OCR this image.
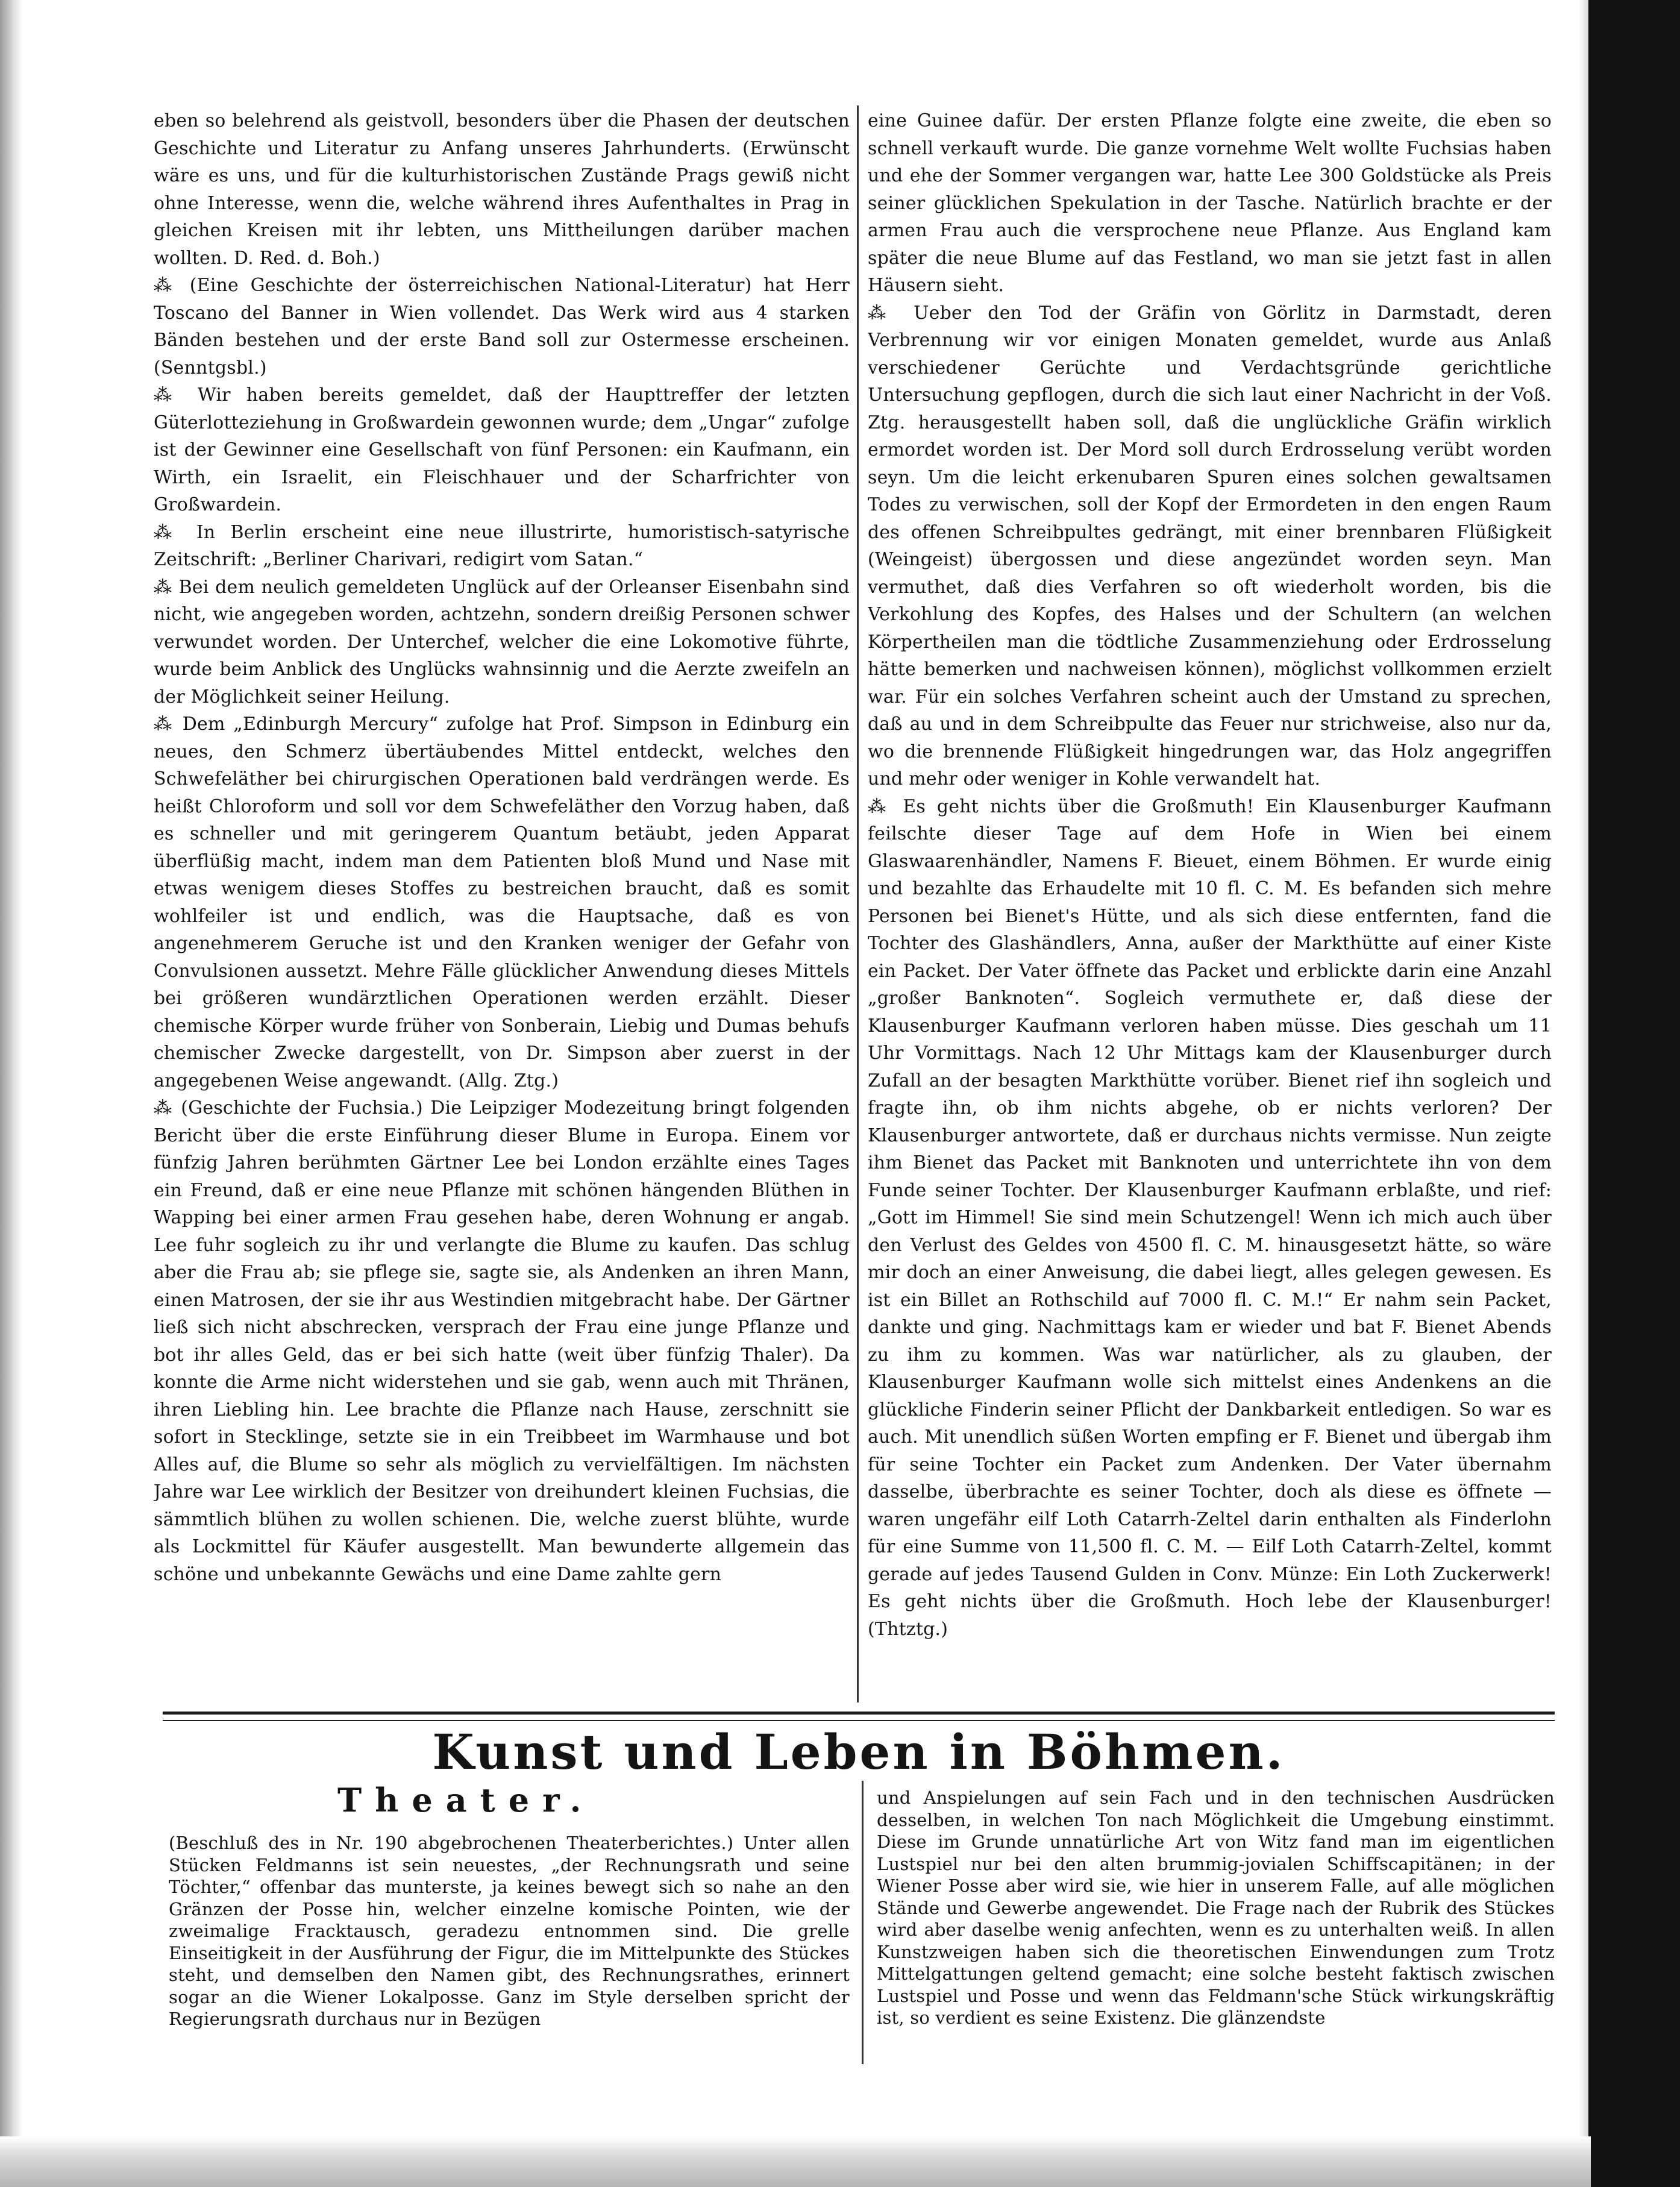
eben so belehrend als geistvoll, besonders über die Phasen der deutschen Geschichte und Literatur zu Anfang unseres Jahrhunderts. (Erwünscht wäre es uns, und für die kulturhistorischen Zustände Prags gewiß nicht ohne Interesse, wenn die, welche während ihres Aufenthaltes in Prag in gleichen Kreisen mit ihr lebten, uns Mittheilungen darüber machen wollten. D. Red. d. Boh.)

⁂ (Eine Geschichte der österreichischen National-Literatur) hat Herr Toscano del Banner in Wien vollendet. Das Werk wird aus 4 starken Bänden bestehen und der erste Band soll zur Ostermesse erscheinen. (Senntgsbl.)

⁂ Wir haben bereits gemeldet, daß der Haupttreffer der letzten Güterlotteziehung in Großwardein gewonnen wurde; dem „Ungar“ zufolge ist der Gewinner eine Gesellschaft von fünf Personen: ein Kaufmann, ein Wirth, ein Israelit, ein Fleischhauer und der Scharfrichter von Großwardein.

⁂ In Berlin erscheint eine neue illustrirte, humoristisch-satyrische Zeitschrift: „Berliner Charivari, redigirt vom Satan.“

⁂ Bei dem neulich gemeldeten Unglück auf der Orleanser Eisenbahn sind nicht, wie angegeben worden, achtzehn, sondern dreißig Personen schwer verwundet worden. Der Unterchef, welcher die eine Lokomotive führte, wurde beim Anblick des Unglücks wahnsinnig und die Aerzte zweifeln an der Möglichkeit seiner Heilung.

⁂ Dem „Edinburgh Mercury“ zufolge hat Prof. Simpson in Edinburg ein neues, den Schmerz übertäubendes Mittel entdeckt, welches den Schwefeläther bei chirurgischen Operationen bald verdrängen werde. Es heißt Chloroform und soll vor dem Schwefeläther den Vorzug haben, daß es schneller und mit geringerem Quantum betäubt, jeden Apparat überflüßig macht, indem man dem Patienten bloß Mund und Nase mit etwas wenigem dieses Stoffes zu bestreichen braucht, daß es somit wohlfeiler ist und endlich, was die Hauptsache, daß es von angenehmerem Geruche ist und den Kranken weniger der Gefahr von Convulsionen aussetzt. Mehre Fälle glücklicher Anwendung dieses Mittels bei größeren wundärztlichen Operationen werden erzählt. Dieser chemische Körper wurde früher von Sonberain, Liebig und Dumas behufs chemischer Zwecke dargestellt, von Dr. Simpson aber zuerst in der angegebenen Weise angewandt. (Allg. Ztg.)

⁂ (Geschichte der Fuchsia.) Die Leipziger Modezeitung bringt folgenden Bericht über die erste Einführung dieser Blume in Europa. Einem vor fünfzig Jahren berühmten Gärtner Lee bei London erzählte eines Tages ein Freund, daß er eine neue Pflanze mit schönen hängenden Blüthen in Wapping bei einer armen Frau gesehen habe, deren Wohnung er angab. Lee fuhr sogleich zu ihr und verlangte die Blume zu kaufen. Das schlug aber die Frau ab; sie pflege sie, sagte sie, als Andenken an ihren Mann, einen Matrosen, der sie ihr aus Westindien mitgebracht habe. Der Gärtner ließ sich nicht abschrecken, versprach der Frau eine junge Pflanze und bot ihr alles Geld, das er bei sich hatte (weit über fünfzig Thaler). Da konnte die Arme nicht widerstehen und sie gab, wenn auch mit Thränen, ihren Liebling hin. Lee brachte die Pflanze nach Hause, zerschnitt sie sofort in Stecklinge, setzte sie in ein Treibbeet im Warmhause und bot Alles auf, die Blume so sehr als möglich zu vervielfältigen. Im nächsten Jahre war Lee wirklich der Besitzer von dreihundert kleinen Fuchsias, die sämmtlich blühen zu wollen schienen. Die, welche zuerst blühte, wurde als Lockmittel für Käufer ausgestellt. Man bewunderte allgemein das schöne und unbekannte Gewächs und eine Dame zahlte gern

eine Guinee dafür. Der ersten Pflanze folgte eine zweite, die eben so schnell verkauft wurde. Die ganze vornehme Welt wollte Fuchsias haben und ehe der Sommer vergangen war, hatte Lee 300 Goldstücke als Preis seiner glücklichen Spekulation in der Tasche. Natürlich brachte er der armen Frau auch die versprochene neue Pflanze. Aus England kam später die neue Blume auf das Festland, wo man sie jetzt fast in allen Häusern sieht.

⁂ Ueber den Tod der Gräfin von Görlitz in Darmstadt, deren Verbrennung wir vor einigen Monaten gemeldet, wurde aus Anlaß verschiedener Gerüchte und Verdachtsgründe gerichtliche Untersuchung gepflogen, durch die sich laut einer Nachricht in der Voß. Ztg. herausgestellt haben soll, daß die unglückliche Gräfin wirklich ermordet worden ist. Der Mord soll durch Erdrosselung verübt worden seyn. Um die leicht erkenubaren Spuren eines solchen gewaltsamen Todes zu verwischen, soll der Kopf der Ermordeten in den engen Raum des offenen Schreibpultes gedrängt, mit einer brennbaren Flüßigkeit (Weingeist) übergossen und diese angezündet worden seyn. Man vermuthet, daß dies Verfahren so oft wiederholt worden, bis die Verkohlung des Kopfes, des Halses und der Schultern (an welchen Körpertheilen man die tödtliche Zusammenziehung oder Erdrosselung hätte bemerken und nachweisen können), möglichst vollkommen erzielt war. Für ein solches Verfahren scheint auch der Umstand zu sprechen, daß au und in dem Schreibpulte das Feuer nur strichweise, also nur da, wo die brennende Flüßigkeit hingedrungen war, das Holz angegriffen und mehr oder weniger in Kohle verwandelt hat.

⁂ Es geht nichts über die Großmuth! Ein Klausenburger Kaufmann feilschte dieser Tage auf dem Hofe in Wien bei einem Glaswaarenhändler, Namens F. Bieuet, einem Böhmen. Er wurde einig und bezahlte das Erhaudelte mit 10 fl. C. M. Es befanden sich mehre Personen bei Bienet's Hütte, und als sich diese entfernten, fand die Tochter des Glashändlers, Anna, außer der Markthütte auf einer Kiste ein Packet. Der Vater öffnete das Packet und erblickte darin eine Anzahl „großer Banknoten“. Sogleich vermuthete er, daß diese der Klausenburger Kaufmann verloren haben müsse. Dies geschah um 11 Uhr Vormittags. Nach 12 Uhr Mittags kam der Klausenburger durch Zufall an der besagten Markthütte vorüber. Bienet rief ihn sogleich und fragte ihn, ob ihm nichts abgehe, ob er nichts verloren? Der Klausenburger antwortete, daß er durchaus nichts vermisse. Nun zeigte ihm Bienet das Packet mit Banknoten und unterrichtete ihn von dem Funde seiner Tochter. Der Klausenburger Kaufmann erblaßte, und rief: „Gott im Himmel! Sie sind mein Schutzengel! Wenn ich mich auch über den Verlust des Geldes von 4500 fl. C. M. hinausgesetzt hätte, so wäre mir doch an einer Anweisung, die dabei liegt, alles gelegen gewesen. Es ist ein Billet an Rothschild auf 7000 fl. C. M.!“ Er nahm sein Packet, dankte und ging. Nachmittags kam er wieder und bat F. Bienet Abends zu ihm zu kommen. Was war natürlicher, als zu glauben, der Klausenburger Kaufmann wolle sich mittelst eines Andenkens an die glückliche Finderin seiner Pflicht der Dankbarkeit entledigen. So war es auch. Mit unendlich süßen Worten empfing er F. Bienet und übergab ihm für seine Tochter ein Packet zum Andenken. Der Vater übernahm dasselbe, überbrachte es seiner Tochter, doch als diese es öffnete — waren ungefähr eilf Loth Catarrh-Zeltel darin enthalten als Finderlohn für eine Summe von 11,500 fl. C. M. — Eilf Loth Catarrh-Zeltel, kommt gerade auf jedes Tausend Gulden in Conv. Münze: Ein Loth Zuckerwerk! Es geht nichts über die Großmuth. Hoch lebe der Klausenburger! (Thtztg.)

Kunst und Leben in Böhmen.
Theater.

(Beschluß des in Nr. 190 abgebrochenen Theaterberichtes.) Unter allen Stücken Feldmanns ist sein neuestes, „der Rechnungsrath und seine Töchter,“ offenbar das munterste, ja keines bewegt sich so nahe an den Gränzen der Posse hin, welcher einzelne komische Pointen, wie der zweimalige Fracktausch, geradezu entnommen sind. Die grelle Einseitigkeit in der Ausführung der Figur, die im Mittelpunkte des Stückes steht, und demselben den Namen gibt, des Rechnungsrathes, erinnert sogar an die Wiener Lokalposse. Ganz im Style derselben spricht der Regierungsrath durchaus nur in Bezügen

und Anspielungen auf sein Fach und in den technischen Ausdrücken desselben, in welchen Ton nach Möglichkeit die Umgebung einstimmt. Diese im Grunde unnatürliche Art von Witz fand man im eigentlichen Lustspiel nur bei den alten brummig-jovialen Schiffscapitänen; in der Wiener Posse aber wird sie, wie hier in unserem Falle, auf alle möglichen Stände und Gewerbe angewendet. Die Frage nach der Rubrik des Stückes wird aber daselbe wenig anfechten, wenn es zu unterhalten weiß. In allen Kunstzweigen haben sich die theoretischen Einwendungen zum Trotz Mittelgattungen geltend gemacht; eine solche besteht faktisch zwischen Lustspiel und Posse und wenn das Feldmann'sche Stück wirkungskräftig ist, so verdient es seine Existenz. Die glänzendste
